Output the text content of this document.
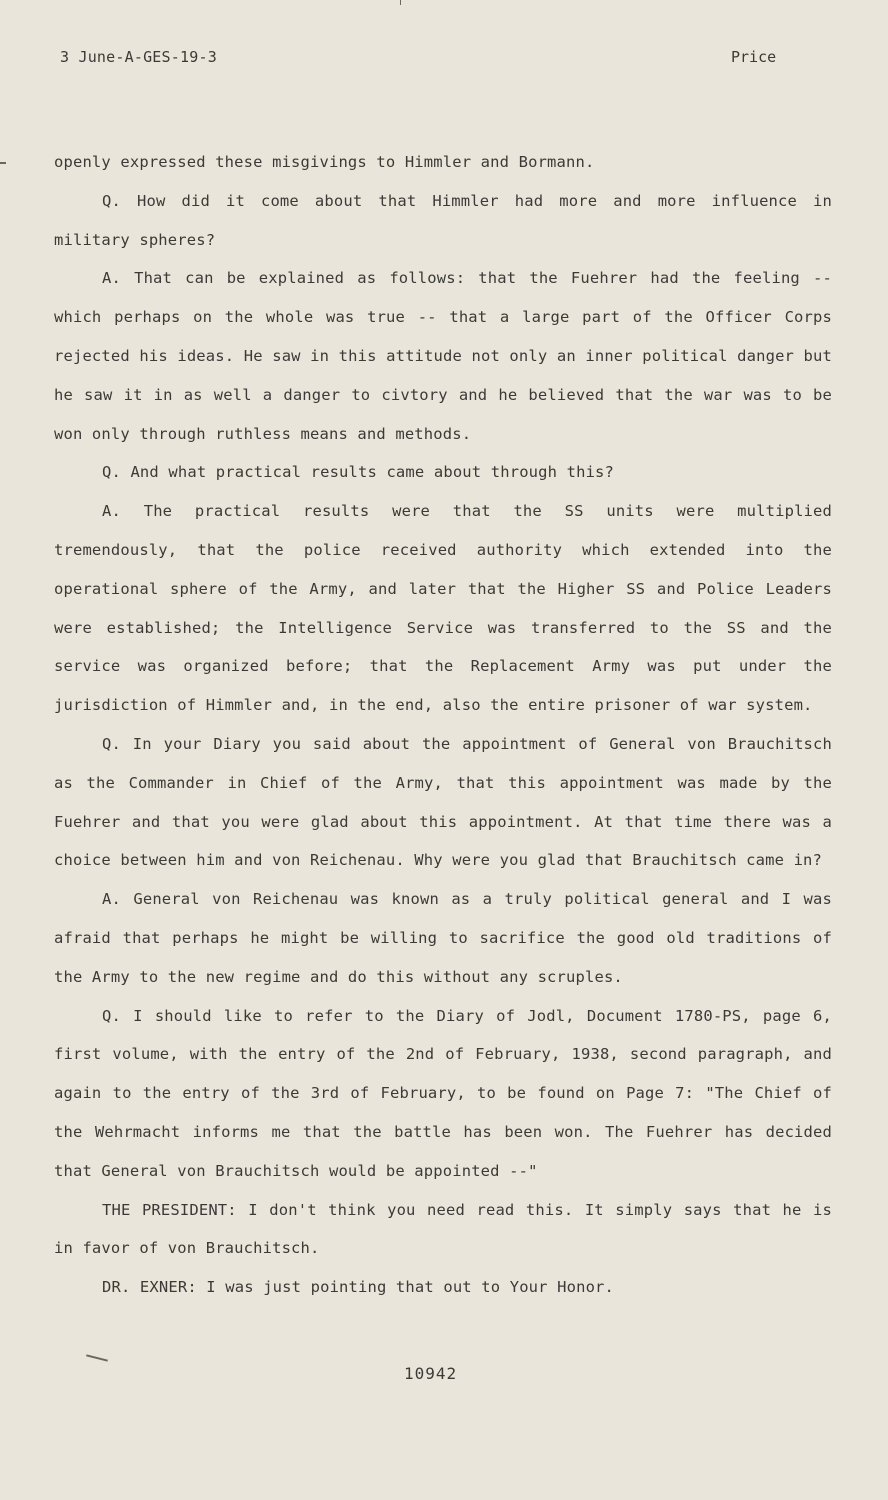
3 June-A-GES-19-3	Price

openly expressed these misgivings to Himmler and Bormann.

Q. How did it come about that Himmler had more and more influence in military spheres?

A. That can be explained as follows: that the Fuehrer had the feeling -- which perhaps on the whole was true -- that a large part of the Officer Corps rejected his ideas. He saw in this attitude not only an inner political danger but he saw it in as well a danger to civtory and he believed that the war was to be won only through ruthless means and methods.

Q. And what practical results came about through this?

A. The practical results were that the SS units were multiplied tremendously, that the police received authority which extended into the operational sphere of the Army, and later that the Higher SS and Police Leaders were established; the Intelligence Service was transferred to the SS and the service was organized before; that the Replacement Army was put under the jurisdiction of Himmler and, in the end, also the entire prisoner of war system.

Q. In your Diary you said about the appointment of General von Brauchitsch as the Commander in Chief of the Army, that this appointment was made by the Fuehrer and that you were glad about this appointment. At that time there was a choice between him and von Reichenau. Why were you glad that Brauchitsch came in?

A. General von Reichenau was known as a truly political general and I was afraid that perhaps he might be willing to sacrifice the good old traditions of the Army to the new regime and do this without any scruples.

Q. I should like to refer to the Diary of Jodl, Document 1780-PS, page 6, first volume, with the entry of the 2nd of February, 1938, second paragraph, and again to the entry of the 3rd of February, to be found on Page 7: "The Chief of the Wehrmacht informs me that the battle has been won. The Fuehrer has decided that General von Brauchitsch would be appointed --"

THE PRESIDENT: I don't think you need read this. It simply says that he is in favor of von Brauchitsch.

DR. EXNER: I was just pointing that out to Your Honor.

10942
